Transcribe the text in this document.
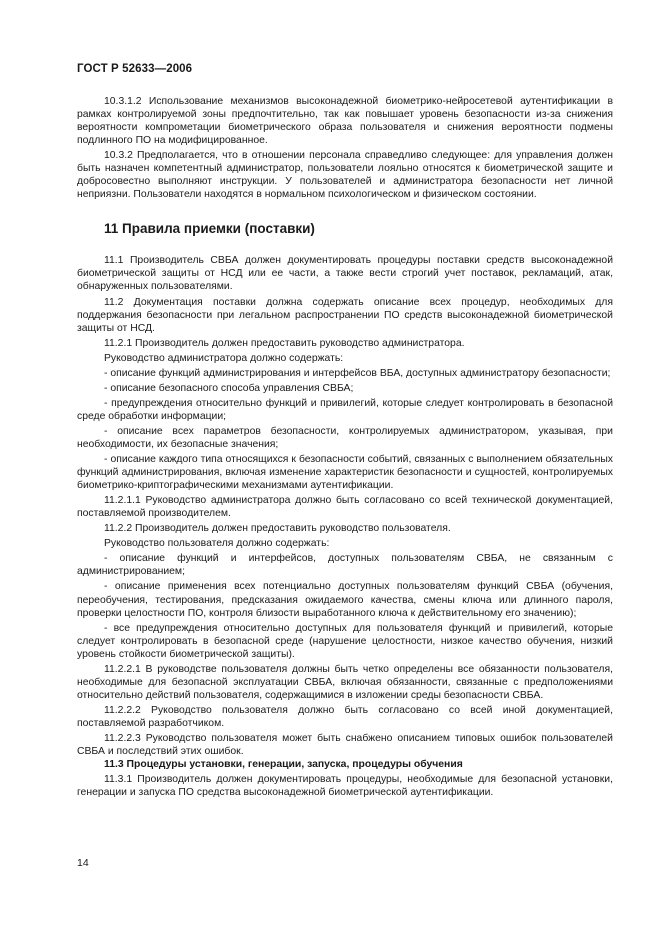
ГОСТ Р 52633—2006

10.3.1.2 Использование механизмов высоконадежной биометрико-нейросетевой аутентификации в рамках контролируемой зоны предпочтительно, так как повышает уровень безопасности из-за снижения вероятности компрометации биометрического образа пользователя и снижения вероятности подмены подлинного ПО на модифицированное.

10.3.2 Предполагается, что в отношении персонала справедливо следующее: для управления должен быть назначен компетентный администратор, пользователи лояльно относятся к биометрической защите и добросовестно выполняют инструкции. У пользователей и администратора безопасности нет личной неприязни. Пользователи находятся в нормальном психологическом и физическом состоянии.

11 Правила приемки (поставки)

11.1 Производитель СВБА должен документировать процедуры поставки средств высоконадежной биометрической защиты от НСД или ее части, а также вести строгий учет поставок, рекламаций, атак, обнаруженных пользователями.

11.2 Документация поставки должна содержать описание всех процедур, необходимых для поддержания безопасности при легальном распространении ПО средств высоконадежной биометрической защиты от НСД.

11.2.1 Производитель должен предоставить руководство администратора.

Руководство администратора должно содержать:

- описание функций администрирования и интерфейсов ВБА, доступных администратору безопасности;

- описание безопасного способа управления СВБА;

- предупреждения относительно функций и привилегий, которые следует контролировать в безопасной среде обработки информации;

- описание всех параметров безопасности, контролируемых администратором, указывая, при необходимости, их безопасные значения;

- описание каждого типа относящихся к безопасности событий, связанных с выполнением обязательных функций администрирования, включая изменение характеристик безопасности и сущностей, контролируемых биометрико-криптографическими механизмами аутентификации.

11.2.1.1 Руководство администратора должно быть согласовано со всей технической документацией, поставляемой производителем.

11.2.2 Производитель должен предоставить руководство пользователя.

Руководство пользователя должно содержать:

- описание функций и интерфейсов, доступных пользователям СВБА, не связанным с администрированием;

- описание применения всех потенциально доступных пользователям функций СВБА (обучения, переобучения, тестирования, предсказания ожидаемого качества, смены ключа или длинного пароля, проверки целостности ПО, контроля близости выработанного ключа к действительному его значению);

- все предупреждения относительно доступных для пользователя функций и привилегий, которые следует контролировать в безопасной среде (нарушение целостности, низкое качество обучения, низкий уровень стойкости биометрической защиты).

11.2.2.1 В руководстве пользователя должны быть четко определены все обязанности пользователя, необходимые для безопасной эксплуатации СВБА, включая обязанности, связанные с предположениями относительно действий пользователя, содержащимися в изложении среды безопасности СВБА.

11.2.2.2 Руководство пользователя должно быть согласовано со всей иной документацией, поставляемой разработчиком.

11.2.2.3 Руководство пользователя может быть снабжено описанием типовых ошибок пользователей СВБА и последствий этих ошибок.

11.3 Процедуры установки, генерации, запуска, процедуры обучения

11.3.1 Производитель должен документировать процедуры, необходимые для безопасной установки, генерации и запуска ПО средства высоконадежной биометрической аутентификации.

14
